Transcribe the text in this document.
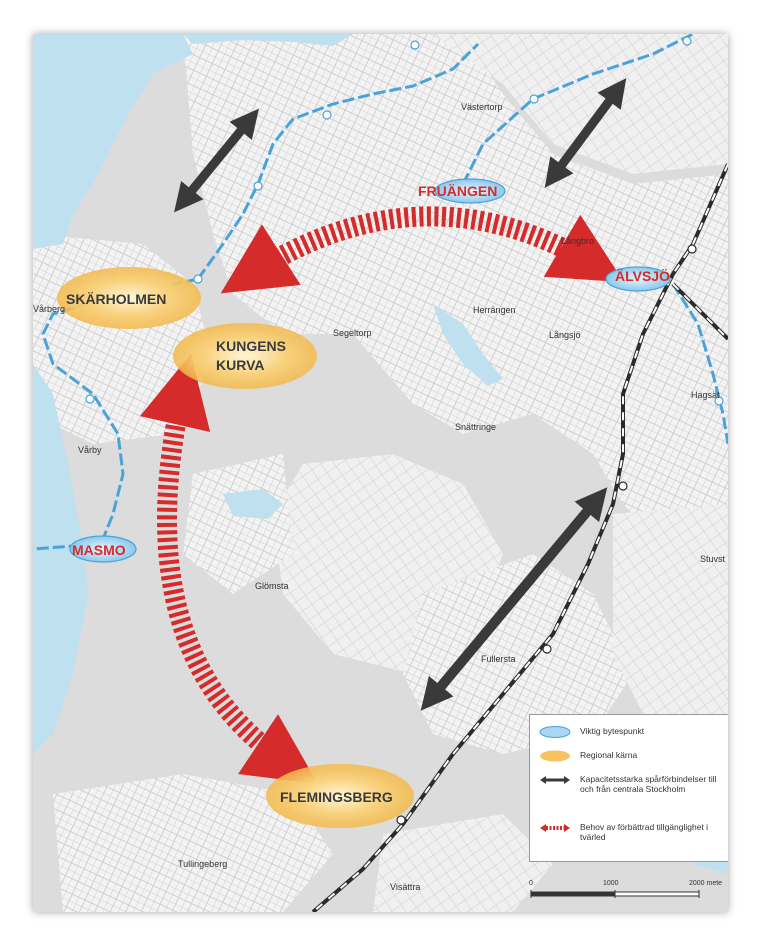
Västertorp
Långbro
Vårberg
Segeltorp
Herrängen
Långsjö
Hagsät
Snättringe
Vårby
Glömsta
Stuvst
Fullersta
Tullingeberg
Visättra
FRUÄNGEN
ÄLVSJÖ
MASMO
SKÄRHOLMEN
KUNGENS
KURVA
FLEMINGSBERG
Viktig bytespunkt
Regional kärna
Kapacitetsstarka spårförbindelser till och från centrala Stockholm
Behov av förbättrad tillgänglighet i tvärled
0	1000	2000 mete
